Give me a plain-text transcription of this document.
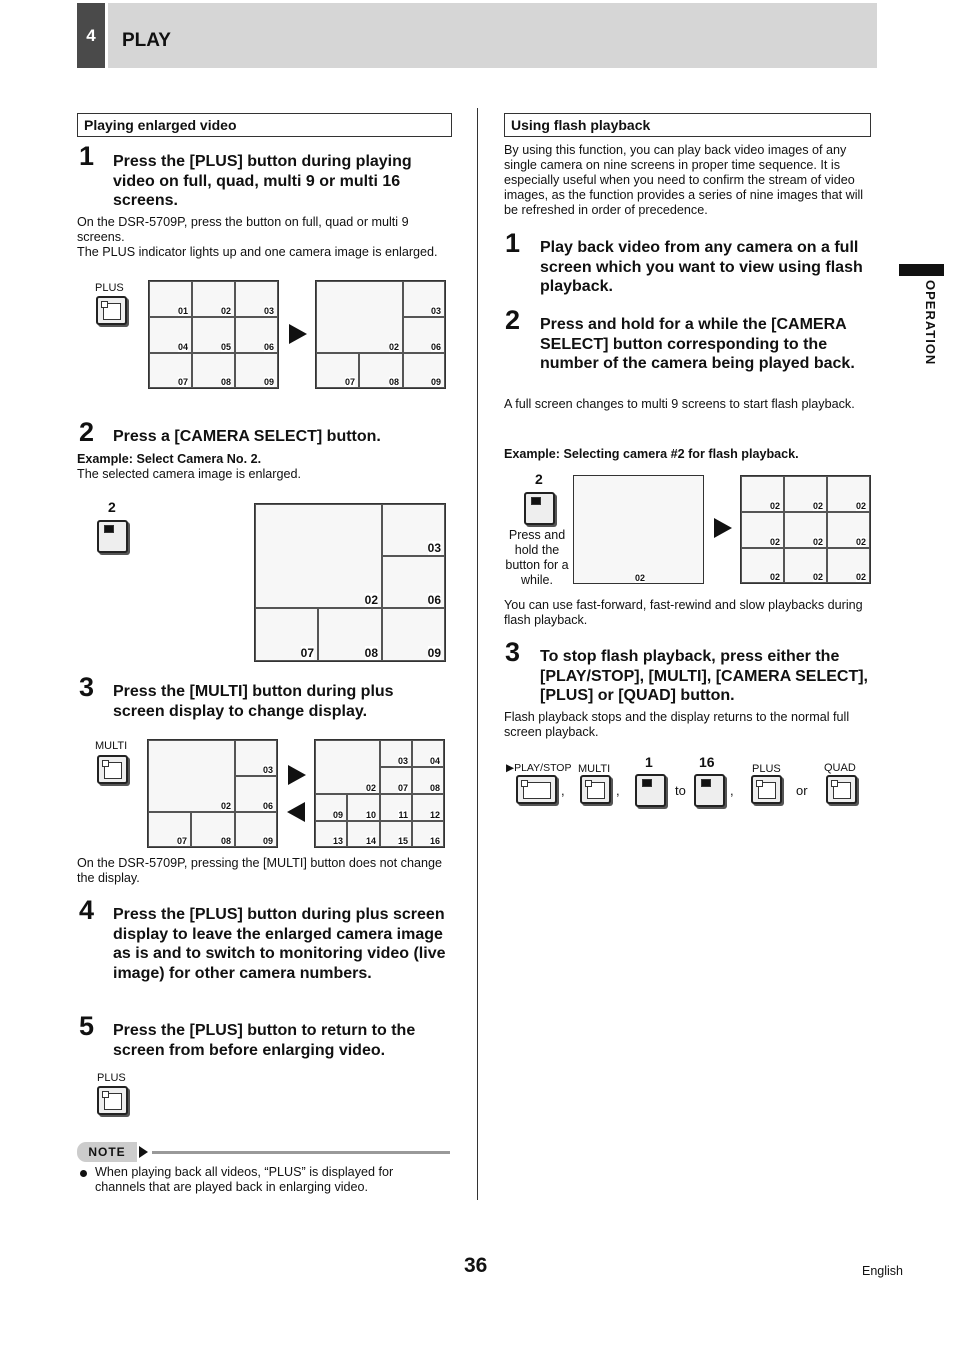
4	PLAY
OPERATION
Playing enlarged video
1 Press the [PLUS] button during playing video on full, quad, multi 9 or multi 16 screens.
On the DSR-5709P, press the button on full, quad or multi 9 screens.
The PLUS indicator lights up and one camera image is enlarged.
PLUS
01	02	03
04	05	06
07	08	09
02
03
06
07	08	09
2 Press a [CAMERA SELECT] button.
Example: Select Camera No. 2.
The selected camera image is enlarged.
2
02
03
06
07	08	09
3 Press the [MULTI] button during plus screen display to change display.
MULTI
02
03
06
07	08	09
02
03 04
07 08
09	10 11 12
13	14 15 16
On the DSR-5709P, pressing the [MULTI] button does not change the display.
4 Press the [PLUS] button during plus screen display to leave the enlarged camera image as is and to switch to monitoring video (live image) for other camera numbers.
5 Press the [PLUS] button to return to the screen from before enlarging video.
PLUS
NOTE
When playing back all videos, “PLUS” is displayed for channels that are played back in enlarging video.
Using flash playback
By using this function, you can play back video images of any single camera on nine screens in proper time sequence. It is especially useful when you need to confirm the stream of video images, as the function provides a series of nine images that will be refreshed in order of precedence.
1 Play back video from any camera on a full screen which you want to view using flash playback.
2 Press and hold for a while the [CAMERA SELECT] button corresponding to the number of the camera being played back.
A full screen changes to multi 9 screens to start flash playback.
Example: Selecting camera #2 for flash playback.
2
Press and hold the button for a while.	02
02	02	02
02	02	02
02	02	02
You can use fast-forward, fast-rewind and slow playbacks during flash playback.
3 To stop flash playback, press either the [PLAY/STOP], [MULTI], [CAMERA SELECT], [PLUS] or [QUAD] button.
Flash playback stops and the display returns to the normal full screen playback.
▶PLAY/STOP
,
MULTI
,
1
to
16
,
PLUS
or
QUAD
36	English
